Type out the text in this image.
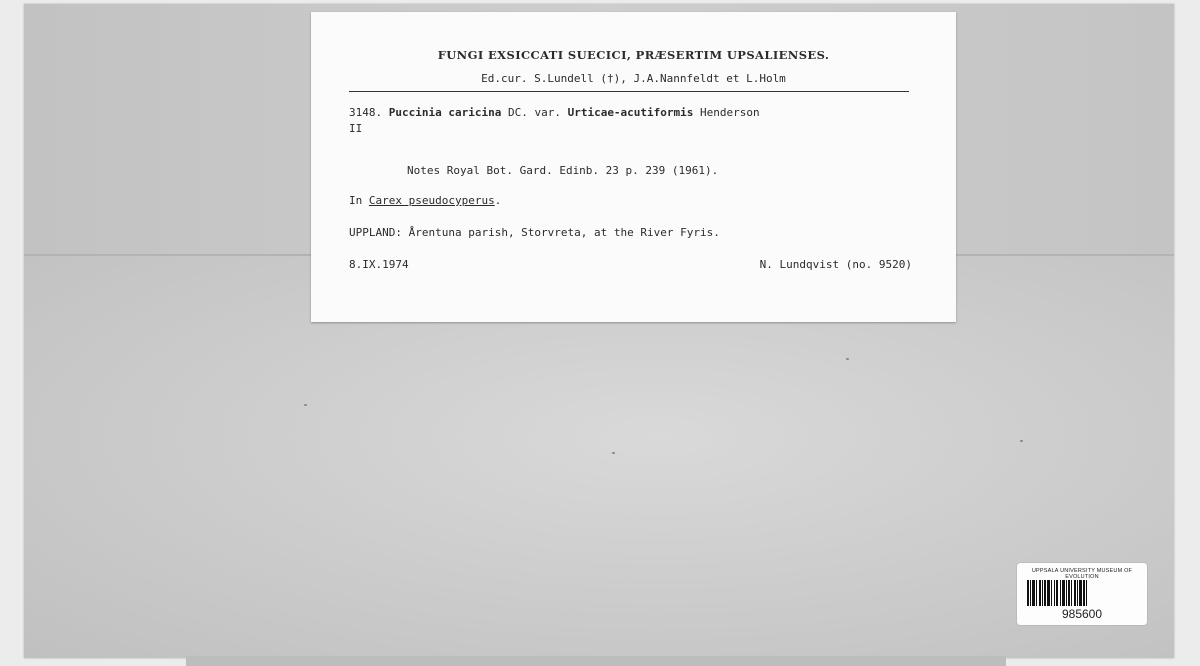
FUNGI EXSICCATI SUECICI, PRÆSERTIM UPSALIENSES.
Ed.cur. S.Lundell (†), J.A.Nannfeldt et L.Holm
3148. Puccinia caricina DC. var. Urticae-acutiformis Henderson
II
Notes Royal Bot. Gard. Edinb. 23 p. 239 (1961).
In Carex pseudocyperus.
UPPLAND: Årentuna parish, Storvreta, at the River Fyris.
8.IX.1974	N. Lundqvist (no. 9520)
UPPSALA UNIVERSITY MUSEUM OF EVOLUTION
985600
